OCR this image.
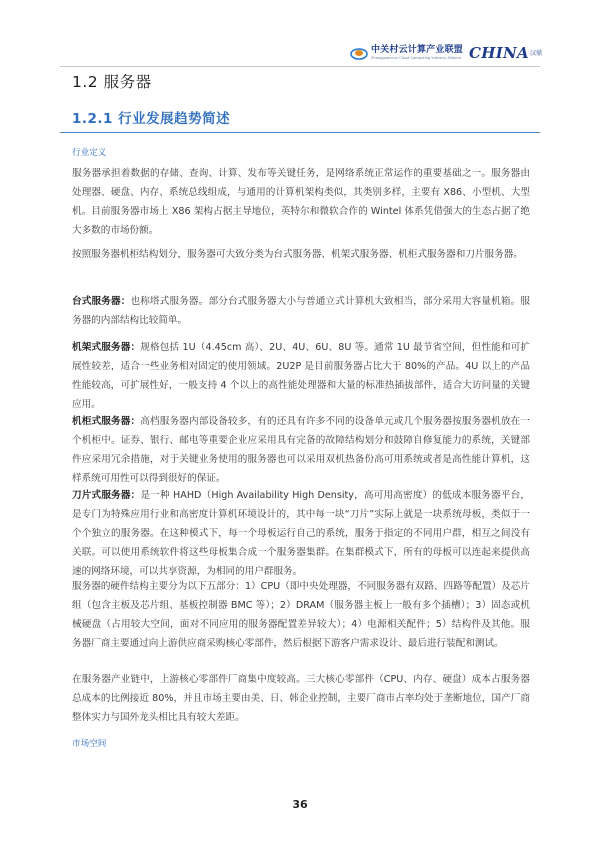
中关村云计算产业联盟
Zhongguancun Cloud Computing Industry Alliance C HINA 汉鼎
1.2 服务器
1.2.1 行业发展趋势简述
行业定义
服务器承担着数据的存储、查询、计算、发布等关键任务，是网络系统正常运作的重要基础之一。服务器由处理器、硬盘、内存、系统总线组成，与通用的计算机架构类似，其类别多样，主要有 X86、小型机、大型机。目前服务器市场上 X86 架构占据主导地位，英特尔和微软合作的 Wintel 体系凭借强大的生态占据了绝大多数的市场份额。
按照服务器机柜结构划分，服务器可大致分类为台式服务器、机架式服务器、机柜式服务器和刀片服务器。
台式服务器：也称塔式服务器。部分台式服务器大小与普通立式计算机大致相当，部分采用大容量机箱。服务器的内部结构比较简单。
机架式服务器：规格包括 1U（4.45cm 高）、2U、4U、6U、8U 等。通常 1U 最节省空间，但性能和可扩展性较差，适合一些业务相对固定的使用领域。2U2P 是目前服务器占比大于 80%的产品。4U 以上的产品性能较高，可扩展性好，一般支持 4 个以上的高性能处理器和大量的标准热插拔部件，适合大访问量的关键应用。
机柜式服务器：高档服务器内部设备较多，有的还具有许多不同的设备单元或几个服务器按服务器机放在一个机柜中。证券、银行、邮电等重要企业应采用具有完备的故障结构划分和鼓障自修复能力的系统，关键部件应采用冗余措施，对于关键业务使用的服务器也可以采用双机热备份高可用系统或者是高性能计算机，这样系统可用性可以得到很好的保证。
刀片式服务器：是一种 HAHD（High Availability High Density，高可用高密度）的低成本服务器平台，是专门为特殊应用行业和高密度计算机环境设计的，其中每一块“刀片”实际上就是一块系统母板，类似于一个个独立的服务器。在这种模式下，每一个母板运行自己的系统，服务于指定的不同用户群，相互之间没有关联。可以使用系统软件将这些母板集合成一个服务器集群。在集群模式下，所有的母板可以连起来提供高速的网络环境，可以共享资源，为相同的用户群服务。
服务器的硬件结构主要分为以下五部分：1）CPU（即中央处理器，不同服务器有双路、四路等配置）及芯片组（包含主板及芯片组、基板控制器 BMC 等）；2）DRAM（服务器主板上一般有多个插槽）；3）固态或机械硬盘（占用较大空间，面对不同应用的服务器配置差异较大）；4）电源相关配件；5）结构件及其他。服务器厂商主要通过向上游供应商采购核心零部件，然后根据下游客户需求设计、最后进行装配和测试。
在服务器产业链中，上游核心零部件厂商集中度较高。三大核心零部件（CPU、内存、硬盘）成本占服务器总成本的比例接近 80%，并且市场主要由美、日、韩企业控制，主要厂商市占率均处于垄断地位，国产厂商整体实力与国外龙头相比具有较大差距。
市场空间
36
